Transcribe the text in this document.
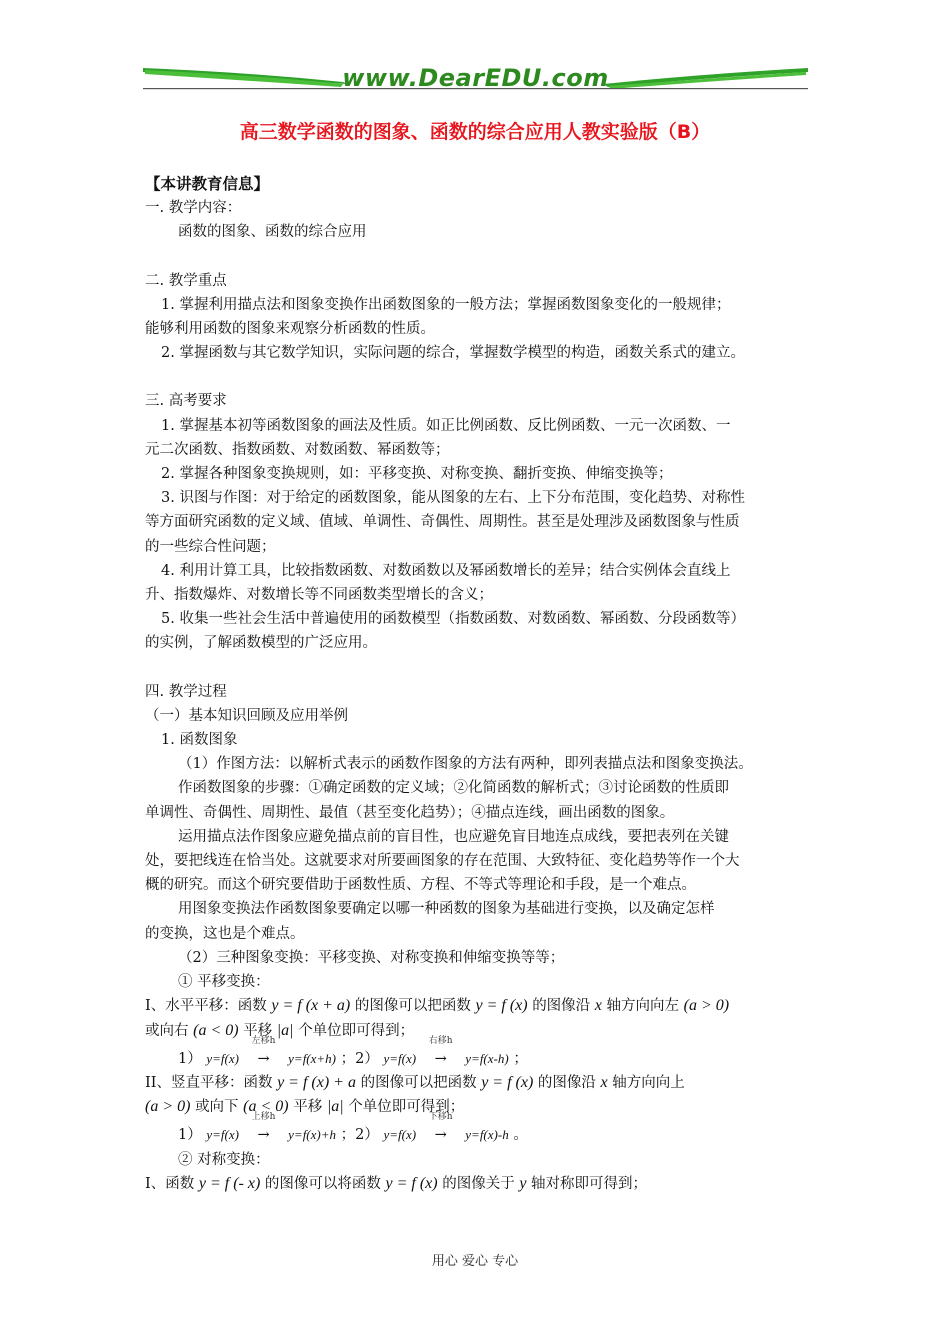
www.DearEDU.com
高三数学函数的图象、函数的综合应用人教实验版（B）
【本讲教育信息】
一. 教学内容：
函数的图象、函数的综合应用
二. 教学重点
1. 掌握利用描点法和图象变换作出函数图象的一般方法；掌握函数图象变化的一般规律；
能够利用函数的图象来观察分析函数的性质。
2. 掌握函数与其它数学知识，实际问题的综合，掌握数学模型的构造，函数关系式的建立。
三. 高考要求
1. 掌握基本初等函数图象的画法及性质。如正比例函数、反比例函数、一元一次函数、一
元二次函数、指数函数、对数函数、幂函数等；
2. 掌握各种图象变换规则，如：平移变换、对称变换、翻折变换、伸缩变换等；
3. 识图与作图：对于给定的函数图象，能从图象的左右、上下分布范围，变化趋势、对称性
等方面研究函数的定义域、值域、单调性、奇偶性、周期性。甚至是处理涉及函数图象与性质
的一些综合性问题；
4. 利用计算工具，比较指数函数、对数函数以及幂函数增长的差异；结合实例体会直线上
升、指数爆炸、对数增长等不同函数类型增长的含义；
5. 收集一些社会生活中普遍使用的函数模型（指数函数、对数函数、幂函数、分段函数等）
的实例，了解函数模型的广泛应用。
四. 教学过程
（一）基本知识回顾及应用举例
1. 函数图象
（1）作图方法：以解析式表示的函数作图象的方法有两种，即列表描点法和图象变换法。
作函数图象的步骤：①确定函数的定义域；②化简函数的解析式；③讨论函数的性质即
单调性、奇偶性、周期性、最值（甚至变化趋势）；④描点连线，画出函数的图象。
运用描点法作图象应避免描点前的盲目性，也应避免盲目地连点成线，要把表列在关键
处，要把线连在恰当处。这就要求对所要画图象的存在范围、大致特征、变化趋势等作一个大
概的研究。而这个研究要借助于函数性质、方程、不等式等理论和手段，是一个难点。
用图象变换法作函数图象要确定以哪一种函数的图象为基础进行变换，以及确定怎样
的变换，这也是个难点。
（2）三种图象变换：平移变换、对称变换和伸缩变换等等；
① 平移变换：
I、水平平移：函数 y = f (x + a) 的图像可以把函数 y = f (x) 的图像沿 x 轴方向向左 (a > 0)
或向右 (a < 0) 平移 |a| 个单位即可得到；
1） y=f(x)
左移h
→ y=f(x+h) ；2） y=f(x)
右移h
→ y=f(x-h) ；
II、竖直平移：函数 y = f (x) + a 的图像可以把函数 y = f (x) 的图像沿 x 轴方向向上
(a > 0) 或向下 (a < 0) 平移 |a| 个单位即可得到；
1） y=f(x)
上移h
→ y=f(x)+h ；2） y=f(x)
下移h
→ y=f(x)-h 。
② 对称变换：
I、函数 y = f (- x) 的图像可以将函数 y = f (x) 的图像关于 y 轴对称即可得到；
用心 爱心 专心
